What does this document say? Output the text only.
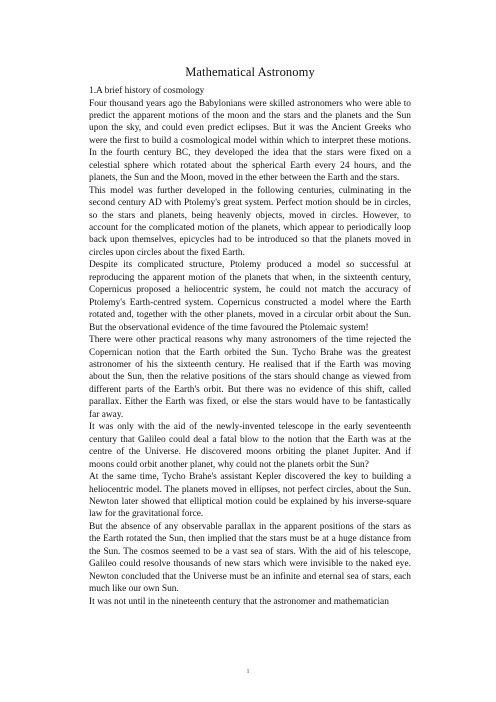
Mathematical Astronomy

1.A brief history of cosmology

Four thousand years ago the Babylonians were skilled astronomers who were able to predict the apparent motions of the moon and the stars and the planets and the Sun upon the sky, and could even predict eclipses. But it was the Ancient Greeks who were the first to build a cosmological model within which to interpret these motions. In the fourth century BC, they developed the idea that the stars were fixed on a celestial sphere which rotated about the spherical Earth every 24 hours, and the planets, the Sun and the Moon, moved in the ether between the Earth and the stars.

This model was further developed in the following centuries, culminating in the second century AD with Ptolemy's great system. Perfect motion should be in circles, so the stars and planets, being heavenly objects, moved in circles. However, to account for the complicated motion of the planets, which appear to periodically loop back upon themselves, epicycles had to be introduced so that the planets moved in circles upon circles about the fixed Earth.

Despite its complicated structure, Ptolemy produced a model so successful at reproducing the apparent motion of the planets that when, in the sixteenth century, Copernicus proposed a heliocentric system, he could not match the accuracy of Ptolemy's Earth-centred system. Copernicus constructed a model where the Earth rotated and, together with the other planets, moved in a circular orbit about the Sun. But the observational evidence of the time favoured the Ptolemaic system!

There were other practical reasons why many astronomers of the time rejected the Copernican notion that the Earth orbited the Sun. Tycho Brahe was the greatest astronomer of his the sixteenth century. He realised that if the Earth was moving about the Sun, then the relative positions of the stars should change as viewed from different parts of the Earth's orbit. But there was no evidence of this shift, called parallax. Either the Earth was fixed, or else the stars would have to be fantastically far away.

It was only with the aid of the newly-invented telescope in the early seventeenth century that Galileo could deal a fatal blow to the notion that the Earth was at the centre of the Universe. He discovered moons orbiting the planet Jupiter. And if moons could orbit another planet, why could not the planets orbit the Sun?

At the same time, Tycho Brahe's assistant Kepler discovered the key to building a heliocentric model. The planets moved in ellipses, not perfect circles, about the Sun. Newton later showed that elliptical motion could be explained by his inverse-square law for the gravitational force.

But the absence of any observable parallax in the apparent positions of the stars as the Earth rotated the Sun, then implied that the stars must be at a huge distance from the Sun. The cosmos seemed to be a vast sea of stars. With the aid of his telescope, Galileo could resolve thousands of new stars which were invisible to the naked eye. Newton concluded that the Universe must be an infinite and eternal sea of stars, each much like our own Sun.

It was not until in the nineteenth century that the astronomer and mathematician

1
